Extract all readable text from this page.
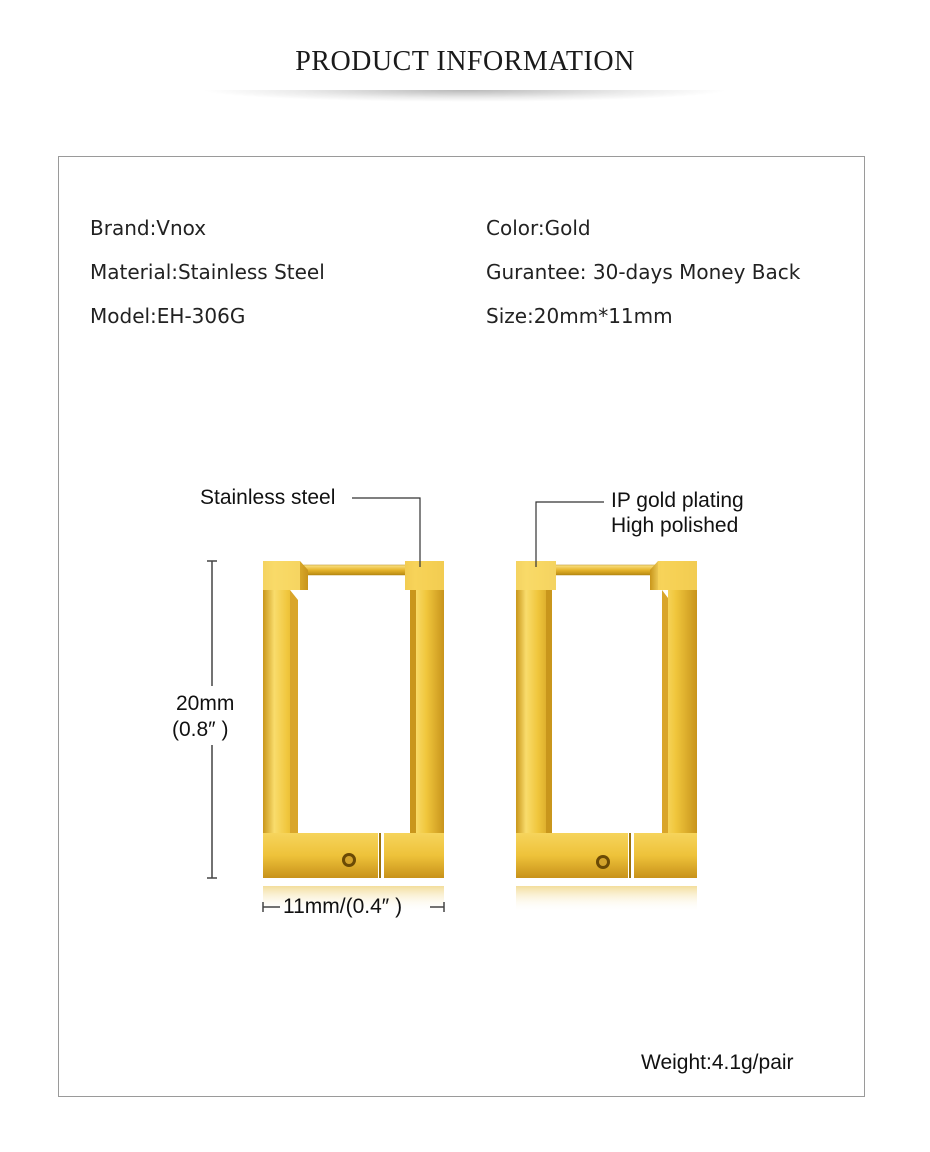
PRODUCT INFORMATION
Brand:Vnox
Material:Stainless Steel
Model:EH-306G
Color:Gold
Gurantee: 30-days Money Back
Size:20mm*11mm
Stainless steel	IP gold plating
High polished
20mm
(0.8″ )
11mm/(0.4″ )
Weight:4.1g/pair
